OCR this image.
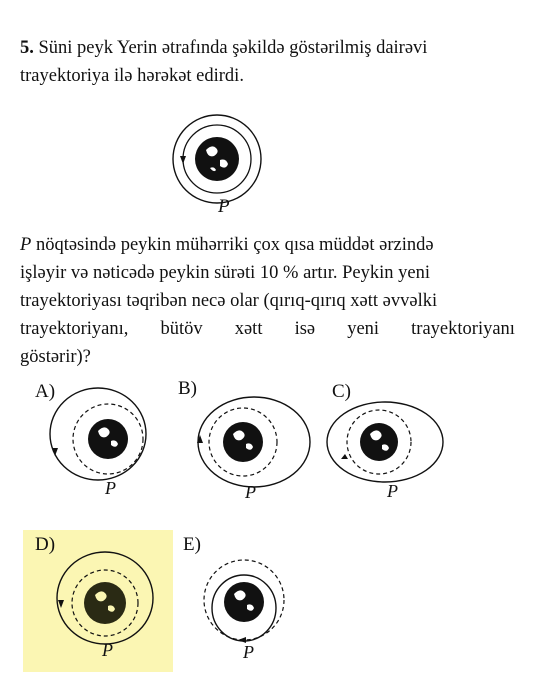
5. Süni peyk Yerin ətrafında şəkildə göstərilmiş dairəvi
trayektoriya ilə hərəkət edirdi.
P
P nöqtəsində peykin mühərriki çox qısa müddət ərzində
işləyir və nəticədə peykin sürəti 10 % artır. Peykin yeni
trayektoriyası təqribən necə olar (qırıq-qırıq xətt əvvəlki
trayektoriyanı, bütöv xətt isə yeni trayektoriyanı
göstərir)?
A)	B)	C)
D)	E)
P	P	P
P	P
